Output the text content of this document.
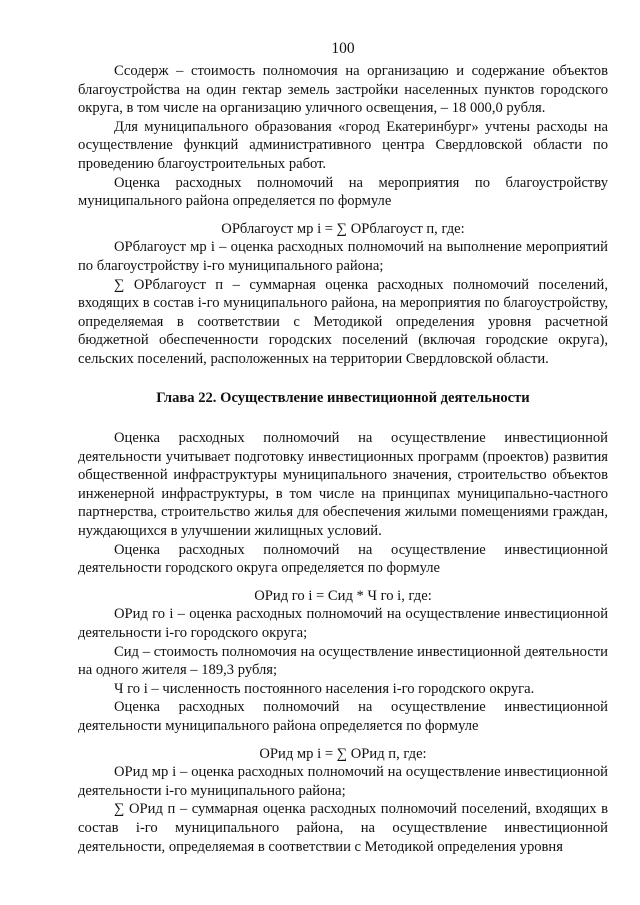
100

Ссодерж – стоимость полномочия на организацию и содержание объектов благоустройства на один гектар земель застройки населенных пунктов городского округа, в том числе на организацию уличного освещения, – 18 000,0 рубля.

Для муниципального образования «город Екатеринбург» учтены расходы на осуществление функций административного центра Свердловской области по проведению благоустроительных работ.

Оценка расходных полномочий на мероприятия по благоустройству муниципального района определяется по формуле

ОРблагоуст мр i = ∑ ОРблагоуст п, где:

ОРблагоуст мр i – оценка расходных полномочий на выполнение мероприятий по благоустройству i-го муниципального района;

∑ ОРблагоуст п – суммарная оценка расходных полномочий поселений, входящих в состав i-го муниципального района, на мероприятия по благоустройству, определяемая в соответствии с Методикой определения уровня расчетной бюджетной обеспеченности городских поселений (включая городские округа), сельских поселений, расположенных на территории Свердловской области.

Глава 22. Осуществление инвестиционной деятельности

Оценка расходных полномочий на осуществление инвестиционной деятельности учитывает подготовку инвестиционных программ (проектов) развития общественной инфраструктуры муниципального значения, строительство объектов инженерной инфраструктуры, в том числе на принципах муниципально-частного партнерства, строительство жилья для обеспечения жилыми помещениями граждан, нуждающихся в улучшении жилищных условий.

Оценка расходных полномочий на осуществление инвестиционной деятельности городского округа определяется по формуле

ОРид го i = Сид * Ч го i, где:

ОРид го i – оценка расходных полномочий на осуществление инвестиционной деятельности i-го городского округа;

Сид – стоимость полномочия на осуществление инвестиционной деятельности на одного жителя – 189,3 рубля;

Ч го i – численность постоянного населения i-го городского округа.

Оценка расходных полномочий на осуществление инвестиционной деятельности муниципального района определяется по формуле

ОРид мр i = ∑ ОРид п, где:

ОРид мр i – оценка расходных полномочий на осуществление инвестиционной деятельности i-го муниципального района;

∑ ОРид п – суммарная оценка расходных полномочий поселений, входящих в состав i-го муниципального района, на осуществление инвестиционной деятельности, определяемая в соответствии с Методикой определения уровня
